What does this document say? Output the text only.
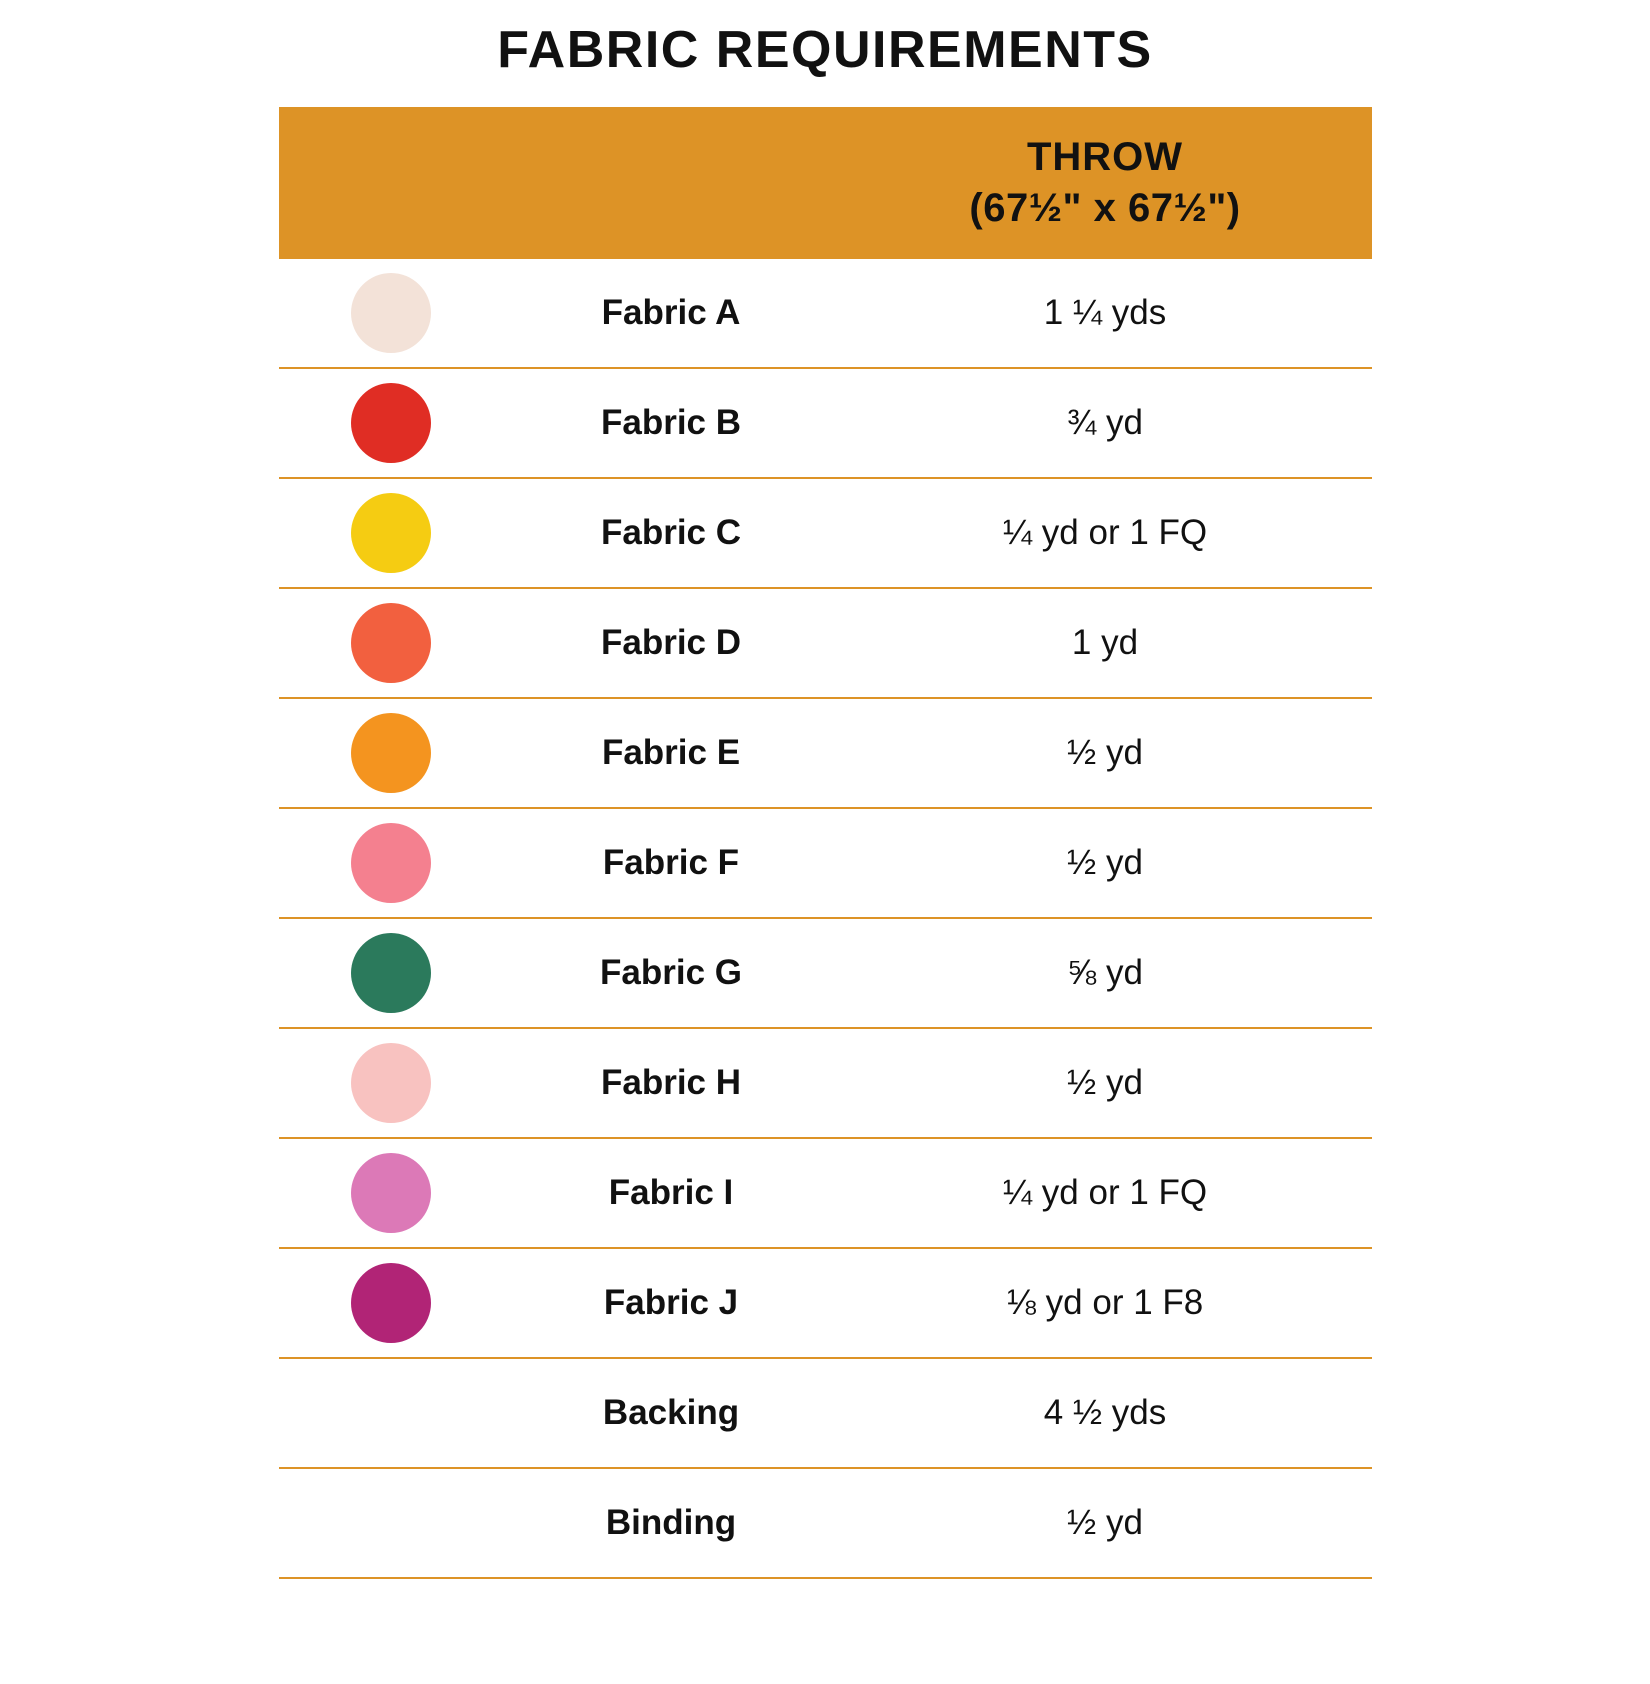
FABRIC REQUIREMENTS
THROW
(67½" x 67½")
Fabric A	1 ¼ yds
Fabric B	¾ yd
Fabric C	¼ yd or 1 FQ
Fabric D	1 yd
Fabric E	½ yd
Fabric F	½ yd
Fabric G	⅝ yd
Fabric H	½ yd
Fabric I	¼ yd or 1 FQ
Fabric J	⅛ yd or 1 F8
Backing	4 ½ yds
Binding	½ yd
